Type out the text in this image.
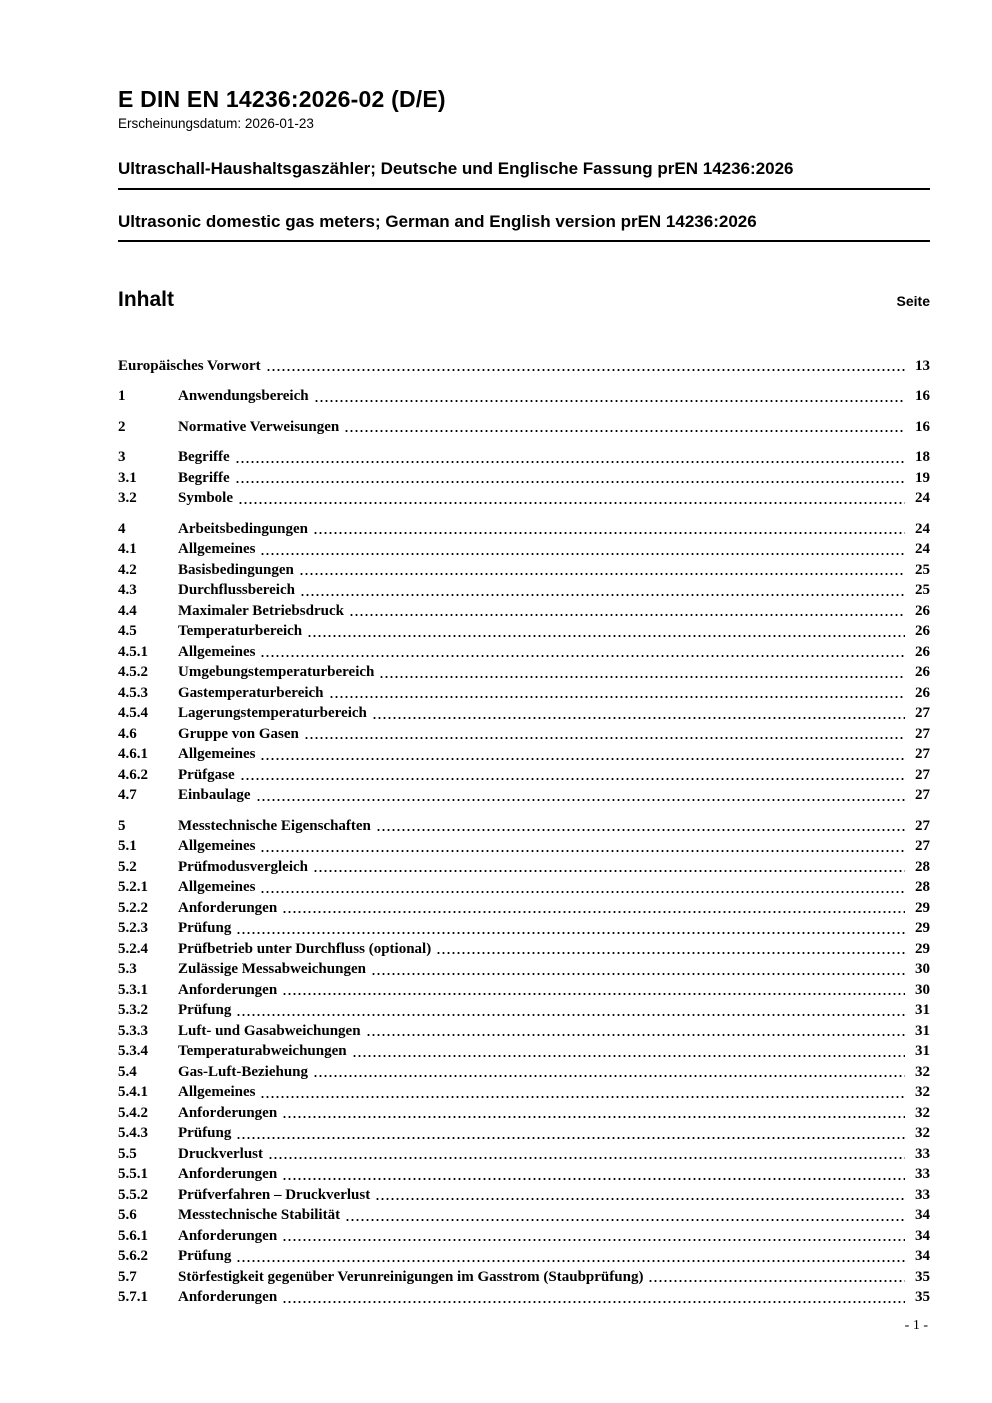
E DIN EN 14236:2026-02 (D/E)
Erscheinungsdatum: 2026-01-23
Ultraschall-Haushaltsgaszähler; Deutsche und Englische Fassung prEN 14236:2026
Ultrasonic domestic gas meters; German and English version prEN 14236:2026
Inhalt	Seite
Europäisches Vorwort	13
1	Anwendungsbereich	16
2	Normative Verweisungen	16
3	Begriffe	18
3.1	Begriffe	19
3.2	Symbole	24
4	Arbeitsbedingungen	24
4.1	Allgemeines	24
4.2	Basisbedingungen	25
4.3	Durchflussbereich	25
4.4	Maximaler Betriebsdruck	26
4.5	Temperaturbereich	26
4.5.1	Allgemeines	26
4.5.2	Umgebungstemperaturbereich	26
4.5.3	Gastemperaturbereich	26
4.5.4	Lagerungstemperaturbereich	27
4.6	Gruppe von Gasen	27
4.6.1	Allgemeines	27
4.6.2	Prüfgase	27
4.7	Einbaulage	27
5	Messtechnische Eigenschaften	27
5.1	Allgemeines	27
5.2	Prüfmodusvergleich	28
5.2.1	Allgemeines	28
5.2.2	Anforderungen	29
5.2.3	Prüfung	29
5.2.4	Prüfbetrieb unter Durchfluss (optional)	29
5.3	Zulässige Messabweichungen	30
5.3.1	Anforderungen	30
5.3.2	Prüfung	31
5.3.3	Luft- und Gasabweichungen	31
5.3.4	Temperaturabweichungen	31
5.4	Gas-Luft-Beziehung	32
5.4.1	Allgemeines	32
5.4.2	Anforderungen	32
5.4.3	Prüfung	32
5.5	Druckverlust	33
5.5.1	Anforderungen	33
5.5.2	Prüfverfahren – Druckverlust	33
5.6	Messtechnische Stabilität	34
5.6.1	Anforderungen	34
5.6.2	Prüfung	34
5.7	Störfestigkeit gegenüber Verunreinigungen im Gasstrom (Staubprüfung)	35
5.7.1	Anforderungen	35
- 1 -
